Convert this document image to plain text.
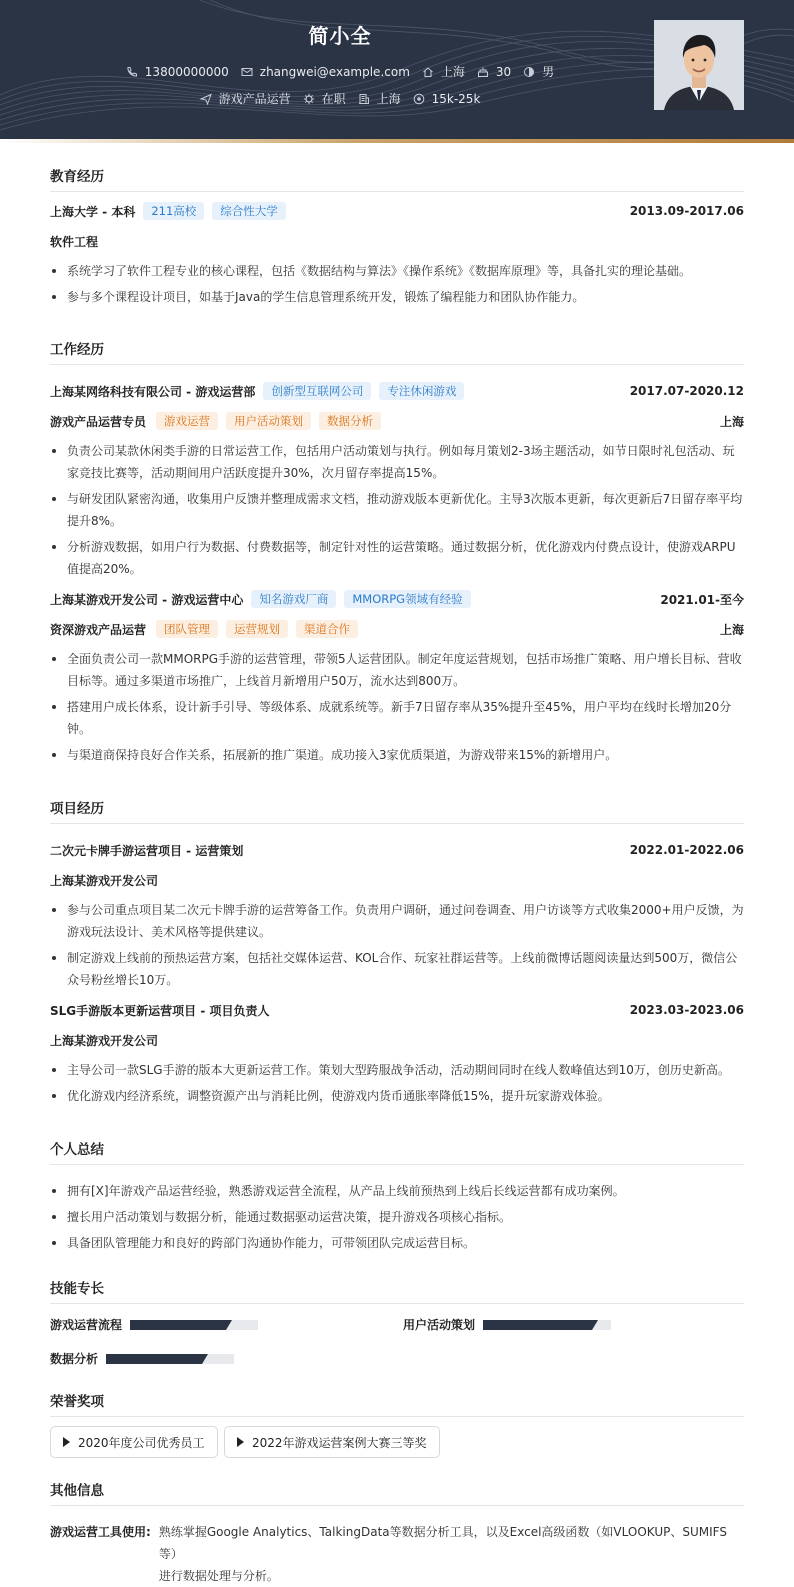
简小全
13800000000	zhangwei@example.com	上海	30	男
游戏产品运营	在职	上海	15k-25k
教育经历
上海大学 - 本科	211高校	综合性大学	2013.09-2017.06
软件工程
系统学习了软件工程专业的核心课程，包括《数据结构与算法》《操作系统》《数据库原理》等，具备扎实的理论基础。
参与多个课程设计项目，如基于Java的学生信息管理系统开发，锻炼了编程能力和团队协作能力。
工作经历
上海某网络科技有限公司 - 游戏运营部	创新型互联网公司	专注休闲游戏	2017.07-2020.12
游戏产品运营专员	游戏运营	用户活动策划	数据分析	上海
负责公司某款休闲类手游的日常运营工作，包括用户活动策划与执行。例如每月策划2-3场主题活动，如节日限时礼包活动、玩家竞技比赛等，活动期间用户活跃度提升30%，次月留存率提高15%。
与研发团队紧密沟通，收集用户反馈并整理成需求文档，推动游戏版本更新优化。主导3次版本更新，每次更新后7日留存率平均提升8%。
分析游戏数据，如用户行为数据、付费数据等，制定针对性的运营策略。通过数据分析，优化游戏内付费点设计，使游戏ARPU值提高20%。
上海某游戏开发公司 - 游戏运营中心	知名游戏厂商	MMORPG领域有经验	2021.01-至今
资深游戏产品运营	团队管理	运营规划	渠道合作	上海
全面负责公司一款MMORPG手游的运营管理，带领5人运营团队。制定年度运营规划，包括市场推广策略、用户增长目标、营收目标等。通过多渠道市场推广，上线首月新增用户50万，流水达到800万。
搭建用户成长体系，设计新手引导、等级体系、成就系统等。新手7日留存率从35%提升至45%，用户平均在线时长增加20分钟。
与渠道商保持良好合作关系，拓展新的推广渠道。成功接入3家优质渠道，为游戏带来15%的新增用户。
项目经历
二次元卡牌手游运营项目 - 运营策划	2022.01-2022.06
上海某游戏开发公司
参与公司重点项目某二次元卡牌手游的运营筹备工作。负责用户调研，通过问卷调查、用户访谈等方式收集2000+用户反馈，为游戏玩法设计、美术风格等提供建议。
制定游戏上线前的预热运营方案，包括社交媒体运营、KOL合作、玩家社群运营等。上线前微博话题阅读量达到500万，微信公众号粉丝增长10万。
SLG手游版本更新运营项目 - 项目负责人	2023.03-2023.06
上海某游戏开发公司
主导公司一款SLG手游的版本大更新运营工作。策划大型跨服战争活动，活动期间同时在线人数峰值达到10万，创历史新高。
优化游戏内经济系统，调整资源产出与消耗比例，使游戏内货币通胀率降低15%，提升玩家游戏体验。
个人总结
拥有[X]年游戏产品运营经验，熟悉游戏运营全流程，从产品上线前预热到上线后长线运营都有成功案例。
擅长用户活动策划与数据分析，能通过数据驱动运营决策，提升游戏各项核心指标。
具备团队管理能力和良好的跨部门沟通协作能力，可带领团队完成运营目标。
技能专长
游戏运营流程	用户活动策划
数据分析
荣誉奖项
2020年度公司优秀员工	2022年游戏运营案例大赛三等奖
其他信息
游戏运营工具使用: 熟练掌握Google Analytics、TalkingData等数据分析工具，以及Excel高级函数（如VLOOKUP、SUMIFS等）
进行数据处理与分析。
